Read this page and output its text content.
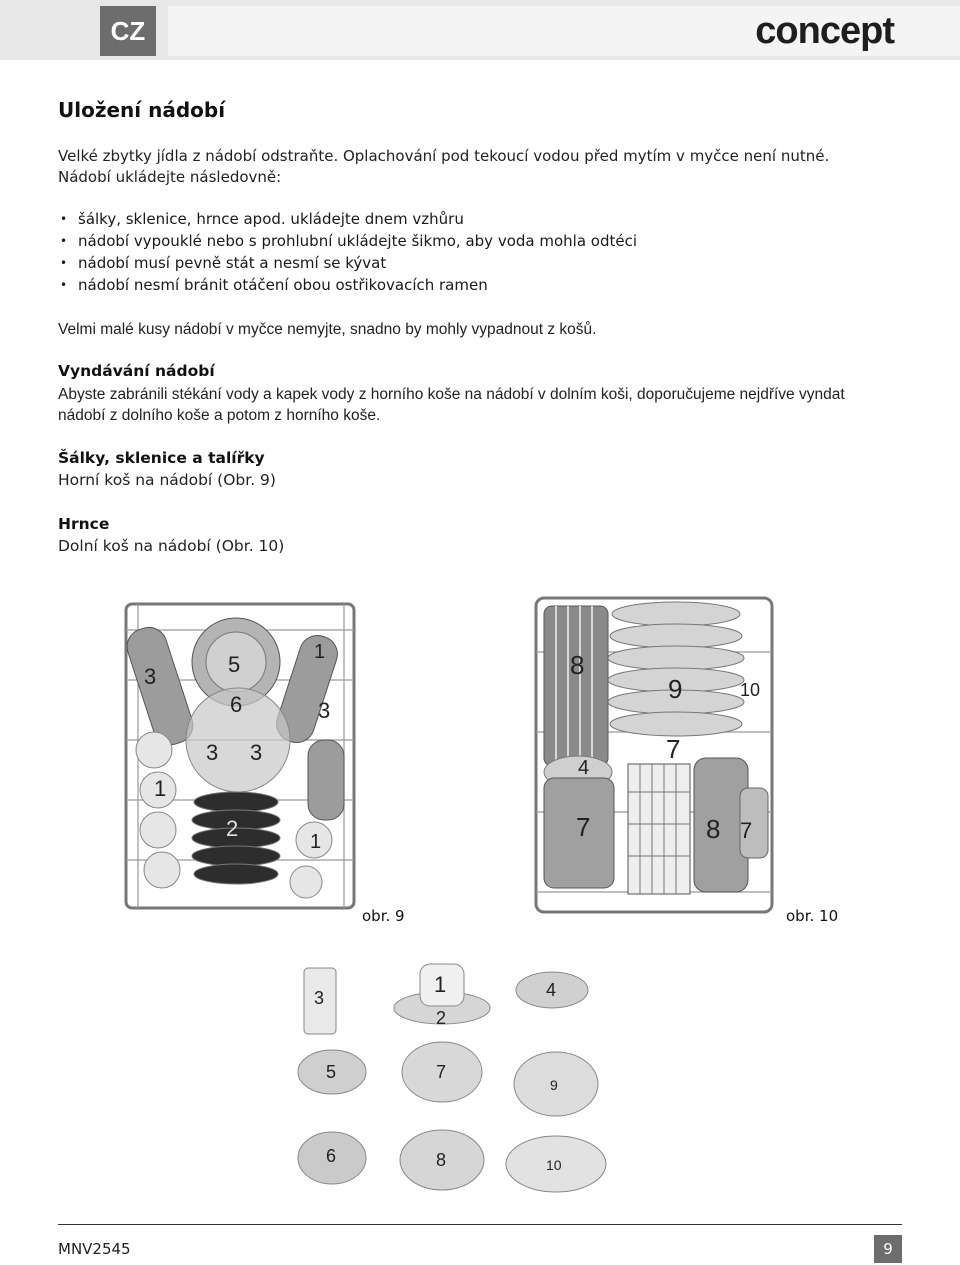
CZ	concept
Uložení nádobí

Velké zbytky jídla z nádobí odstraňte. Oplachování pod tekoucí vodou před mytím v myčce není nutné.

Nádobí ukládejte následovně:

• šálky, sklenice, hrnce apod. ukládejte dnem vzhůru
• nádobí vypouklé nebo s prohlubní ukládejte šikmo, aby voda mohla odtéci
• nádobí musí pevně stát a nesmí se kývat
• nádobí nesmí bránit otáčení obou ostřikovacích ramen

Velmi malé kusy nádobí v myčce nemyjte, snadno by mohly vypadnout z košů.

Vyndávání nádobí

Abyste zabránili stékání vody a kapek vody z horního koše na nádobí v dolním koši, doporučujeme nejdříve vyndat

nádobí z dolního koše a potom z horního koše.

Šálky, sklenice a talířky

Horní koš na nádobí (Obr. 9)

Hrnce

Dolní koš na nádobí (Obr. 10)

5
3
1
6	3
3 3
1
2
1
obr. 9
8
9	10
4
7
7	8 7
obr. 10
3
1
2
4
5	7
9
6	8	10
MNV2545	9
